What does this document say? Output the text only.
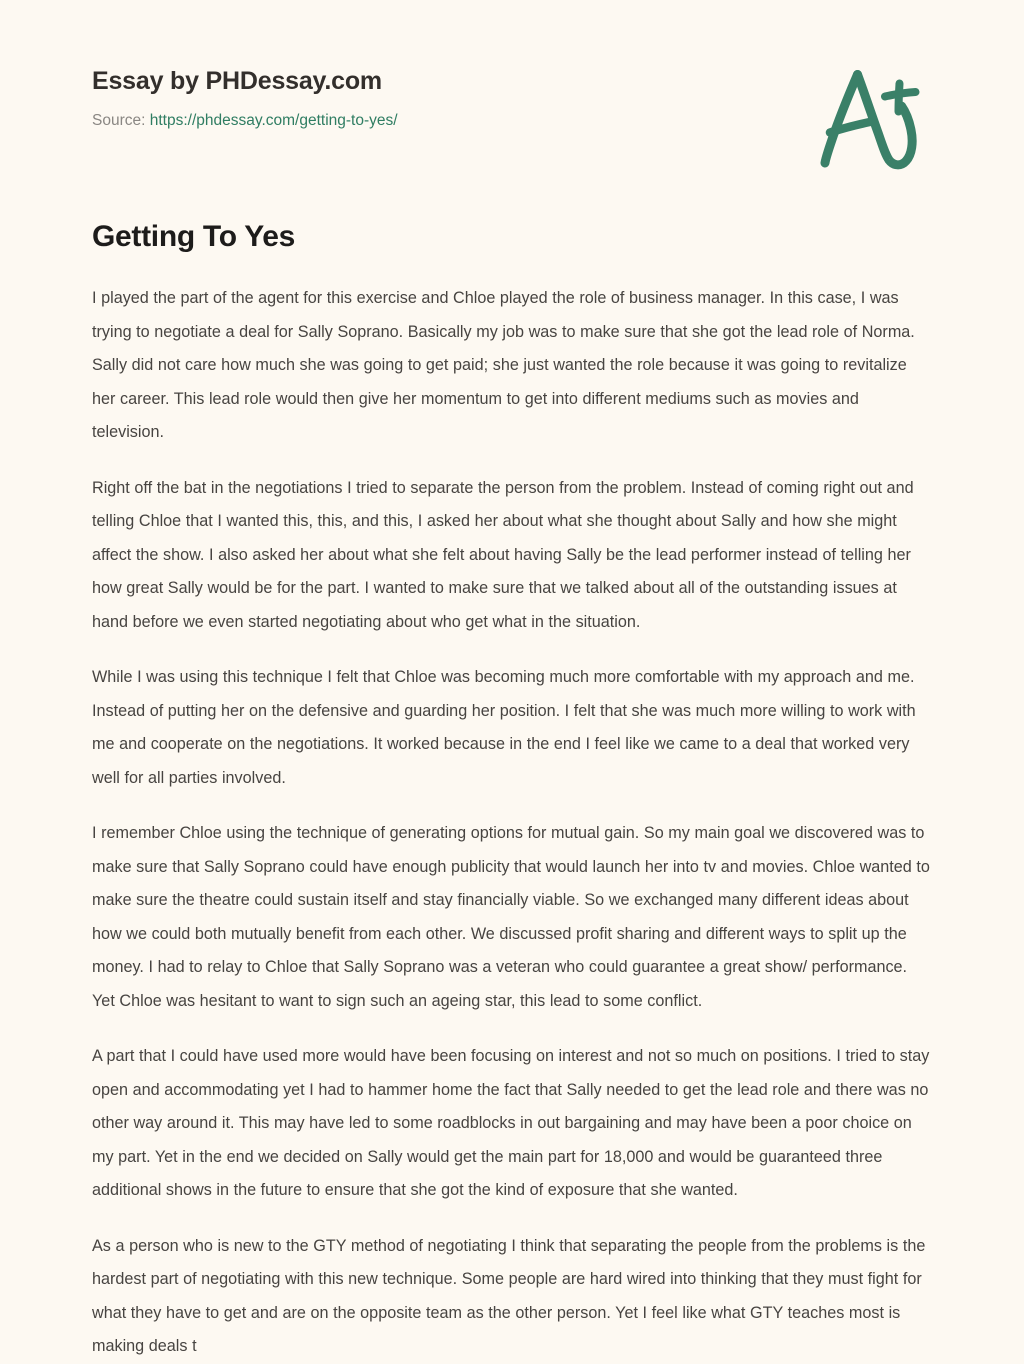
Essay by PHDessay.com
Source: https://phdessay.com/getting-to-yes/
Getting To Yes

I played the part of the agent for this exercise and Chloe played the role of business manager. In this case, I was trying to negotiate a deal for Sally Soprano. Basically my job was to make sure that she got the lead role of Norma. Sally did not care how much she was going to get paid; she just wanted the role because it was going to revitalize her career. This lead role would then give her momentum to get into different mediums such as movies and television.

Right off the bat in the negotiations I tried to separate the person from the problem. Instead of coming right out and telling Chloe that I wanted this, this, and this, I asked her about what she thought about Sally and how she might affect the show. I also asked her about what she felt about having Sally be the lead performer instead of telling her how great Sally would be for the part. I wanted to make sure that we talked about all of the outstanding issues at hand before we even started negotiating about who get what in the situation.

While I was using this technique I felt that Chloe was becoming much more comfortable with my approach and me. Instead of putting her on the defensive and guarding her position. I felt that she was much more willing to work with me and cooperate on the negotiations. It worked because in the end I feel like we came to a deal that worked very well for all parties involved.

I remember Chloe using the technique of generating options for mutual gain. So my main goal we discovered was to make sure that Sally Soprano could have enough publicity that would launch her into tv and movies. Chloe wanted to make sure the theatre could sustain itself and stay financially viable. So we exchanged many different ideas about how we could both mutually benefit from each other. We discussed profit sharing and different ways to split up the money. I had to relay to Chloe that Sally Soprano was a veteran who could guarantee a great show/ performance. Yet Chloe was hesitant to want to sign such an ageing star, this lead to some conflict.

A part that I could have used more would have been focusing on interest and not so much on positions. I tried to stay open and accommodating yet I had to hammer home the fact that Sally needed to get the lead role and there was no other way around it. This may have led to some roadblocks in out bargaining and may have been a poor choice on my part. Yet in the end we decided on Sally would get the main part for 18,000 and would be guaranteed three additional shows in the future to ensure that she got the kind of exposure that she wanted.

As a person who is new to the GTY method of negotiating I think that separating the people from the problems is the hardest part of negotiating with this new technique. Some people are hard wired into thinking that they must fight for what they have to get and are on the opposite team as the other person. Yet I feel like what GTY teaches most is making deals t
